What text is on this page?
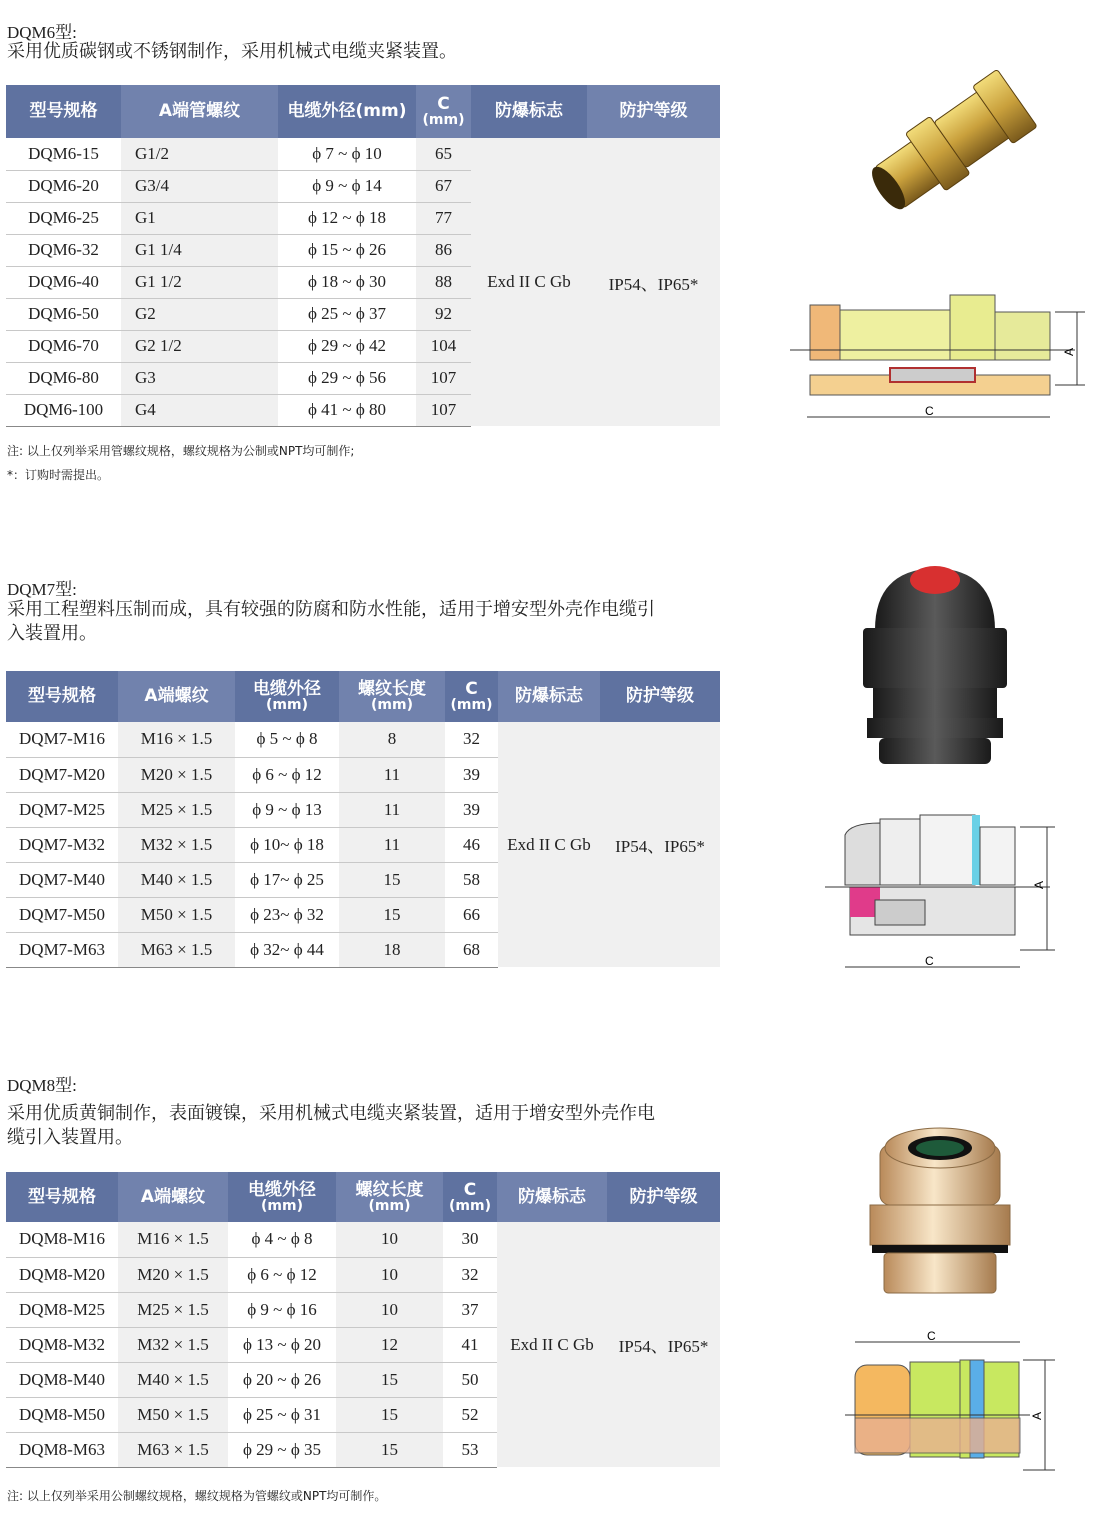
DQM6型:
采用优质碳钢或不锈钢制作，采用机械式电缆夹紧装置。
型号规格	A端管螺纹	电缆外径(mm)	C
(mm)	防爆标志	防护等级
DQM6-15	G1/2	ϕ 7 ~ ϕ 10	65	Exd II C Gb	IP54、IP65*
DQM6-20	G3/4	ϕ 9 ~ ϕ 14	67		
DQM6-25	G1	ϕ 12 ~ ϕ 18	77		
DQM6-32	G1 1/4	ϕ 15 ~ ϕ 26	86		
DQM6-40	G1 1/2	ϕ 18 ~ ϕ 30	88		
DQM6-50	G2	ϕ 25 ~ ϕ 37	92		
DQM6-70	G2 1/2	ϕ 29 ~ ϕ 42	104		
DQM6-80	G3	ϕ 29 ~ ϕ 56	107		
DQM6-100	G4	ϕ 41 ~ ϕ 80	107		
注: 以上仅列举采用管螺纹规格，螺纹规格为公制或NPT均可制作;
*：订购时需提出。
A
C
DQM7型:
采用工程塑料压制而成，具有较强的防腐和防水性能，适用于增安型外壳作电缆引
入装置用。
型号规格	A端螺纹	电缆外径
(mm)	螺纹长度
(mm)	C
(mm)	防爆标志	防护等级
DQM7-M16	M16 × 1.5	ϕ 5 ~ ϕ 8	8	32	Exd II C Gb	IP54、IP65*
DQM7-M20	M20 × 1.5	ϕ 6 ~ ϕ 12	11	39		
DQM7-M25	M25 × 1.5	ϕ 9 ~ ϕ 13	11	39		
DQM7-M32	M32 × 1.5	ϕ 10~ ϕ 18	11	46		
DQM7-M40	M40 × 1.5	ϕ 17~ ϕ 25	15	58		
DQM7-M50	M50 × 1.5	ϕ 23~ ϕ 32	15	66		
DQM7-M63	M63 × 1.5	ϕ 32~ ϕ 44	18	68		
A
C
DQM8型:
采用优质黄铜制作，表面镀镍，采用机械式电缆夹紧装置，适用于增安型外壳作电
缆引入装置用。
型号规格	A端螺纹	电缆外径
(mm)	螺纹长度
(mm)	C
(mm)	防爆标志	防护等级
DQM8-M16	M16 × 1.5	ϕ 4 ~ ϕ 8	10	30	Exd II C Gb	IP54、IP65*
DQM8-M20	M20 × 1.5	ϕ 6 ~ ϕ 12	10	32		
DQM8-M25	M25 × 1.5	ϕ 9 ~ ϕ 16	10	37		
DQM8-M32	M32 × 1.5	ϕ 13 ~ ϕ 20	12	41		
DQM8-M40	M40 × 1.5	ϕ 20 ~ ϕ 26	15	50		
DQM8-M50	M50 × 1.5	ϕ 25 ~ ϕ 31	15	52		
DQM8-M63	M63 × 1.5	ϕ 29 ~ ϕ 35	15	53		
注: 以上仅列举采用公制螺纹规格，螺纹规格为管螺纹或NPT均可制作。
C
A
